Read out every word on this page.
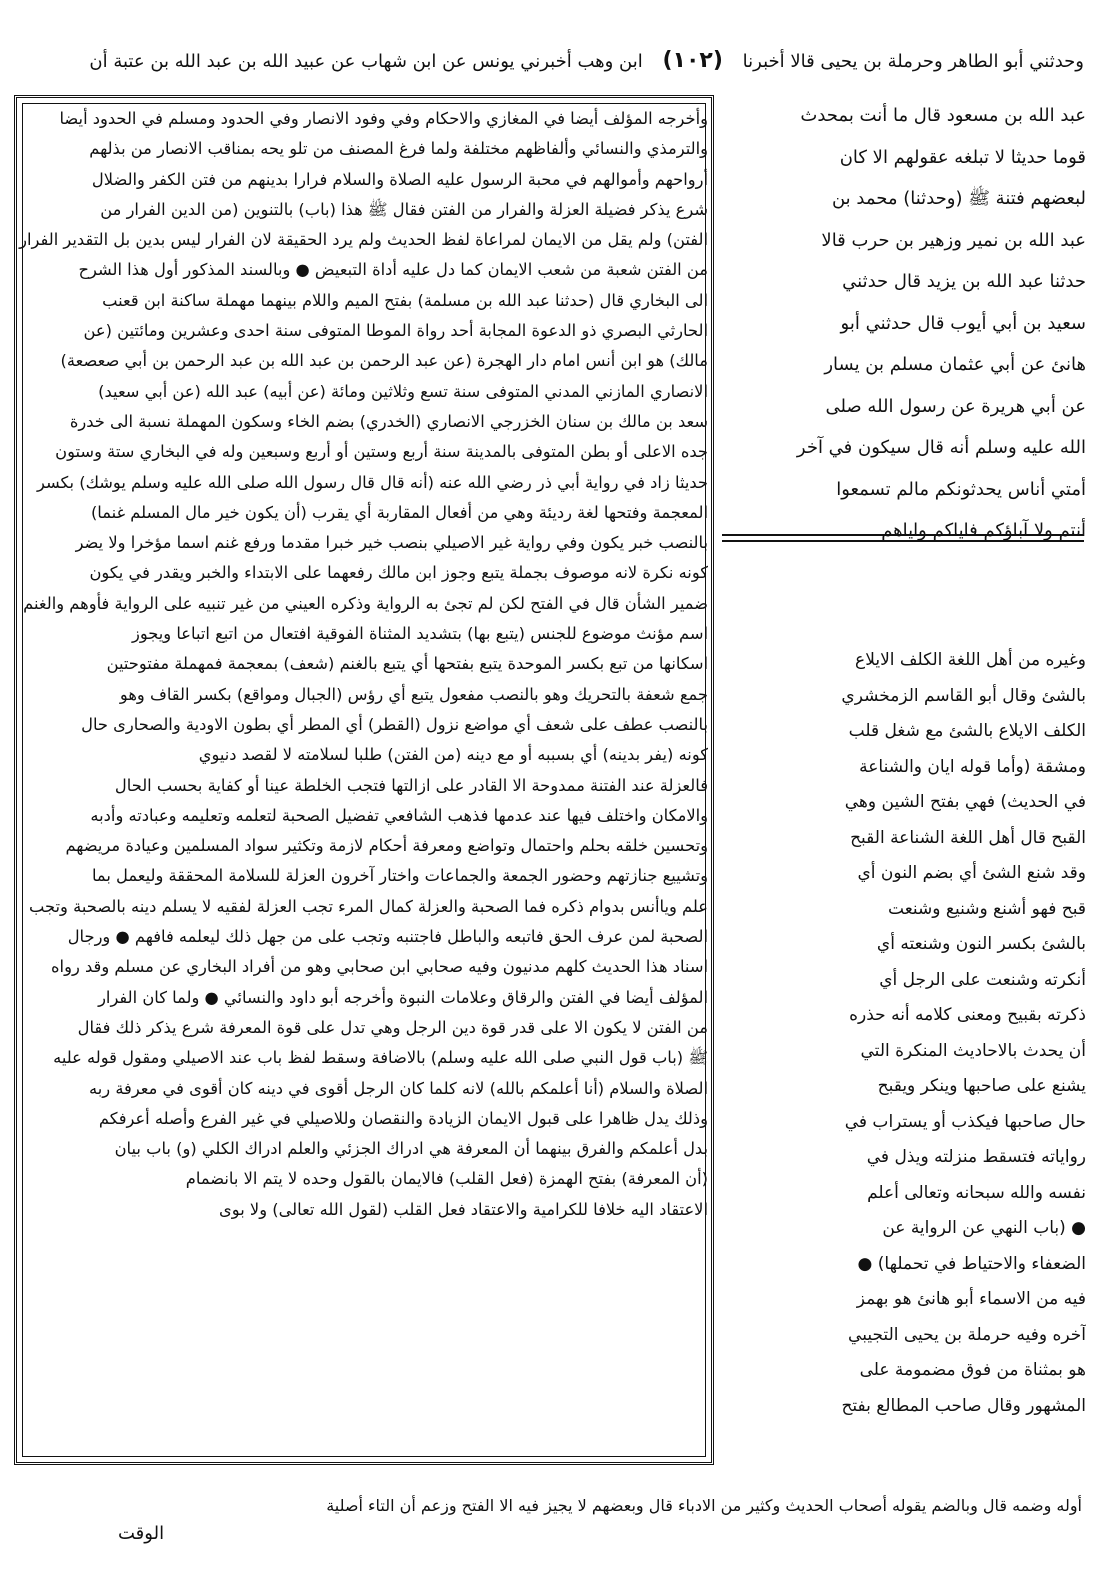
وحدثني أبو الطاهر وحرملة بن يحيى قالا أخبرنا (١٠٢) ابن وهب أخبرني يونس عن ابن شهاب عن عبيد الله بن عبد الله بن عتبة أن
وأخرجه المؤلف أيضا في المغازي والاحكام وفي وفود الانصار وفي الحدود ومسلم في الحدود أيضا
والترمذي والنسائي وألفاظهم مختلفة ولما فرغ المصنف من تلو يحه بمناقب الانصار من بذلهم
أرواحهم وأموالهم في محبة الرسول عليه الصلاة والسلام فرارا بدينهم من فتن الكفر والضلال
شرع يذكر فضيلة العزلة والفرار من الفتن فقال ﷺ هذا (باب) بالتنوين (من الدين الفرار من
الفتن) ولم يقل من الايمان لمراعاة لفظ الحديث ولم يرد الحقيقة لان الفرار ليس بدين بل التقدير الفرار
من الفتن شعبة من شعب الايمان كما دل عليه أداة التبعيض ● وبالسند المذكور أول هذا الشرح
الى البخاري قال (حدثنا عبد الله بن مسلمة) بفتح الميم واللام بينهما مهملة ساكنة ابن قعنب
الحارثي البصري ذو الدعوة المجابة أحد رواة الموطا المتوفى سنة احدى وعشرين ومائتين (عن
مالك) هو ابن أنس امام دار الهجرة (عن عبد الرحمن بن عبد الله بن عبد الرحمن بن أبي صعصعة)
الانصاري المازني المدني المتوفى سنة تسع وثلاثين ومائة (عن أبيه) عبد الله (عن أبي سعيد)
سعد بن مالك بن سنان الخزرجي الانصاري (الخدري) بضم الخاء وسكون المهملة نسبة الى خدرة
جده الاعلى أو بطن المتوفى بالمدينة سنة أربع وستين أو أربع وسبعين وله في البخاري ستة وستون
حديثا زاد في رواية أبي ذر رضي الله عنه (أنه قال قال رسول الله صلى الله عليه وسلم يوشك) بكسر
المعجمة وفتحها لغة رديئة وهي من أفعال المقاربة أي يقرب (أن يكون خير مال المسلم غنما)
بالنصب خبر يكون وفي رواية غير الاصيلي بنصب خير خبرا مقدما ورفع غنم اسما مؤخرا ولا يضر
كونه نكرة لانه موصوف بجملة يتبع وجوز ابن مالك رفعهما على الابتداء والخبر ويقدر في يكون
ضمير الشأن قال في الفتح لكن لم تجئ به الرواية وذكره العيني من غير تنبيه على الرواية فأوهم والغنم
اسم مؤنث موضوع للجنس (يتبع بها) بتشديد المثناة الفوقية افتعال من اتبع اتباعا ويجوز
اسكانها من تبع بكسر الموحدة يتبع بفتحها أي يتبع بالغنم (شعف) بمعجمة فمهملة مفتوحتين
جمع شعفة بالتحريك وهو بالنصب مفعول يتبع أي رؤس (الجبال ومواقع) بكسر القاف وهو
بالنصب عطف على شعف أي مواضع نزول (القطر) أي المطر أي بطون الاودية والصحارى حال
كونه (يفر بدينه) أي بسببه أو مع دينه (من الفتن) طلبا لسلامته لا لقصد دنيوي
فالعزلة عند الفتنة ممدوحة الا القادر على ازالتها فتجب الخلطة عينا أو كفاية بحسب الحال
والامكان واختلف فيها عند عدمها فذهب الشافعي تفضيل الصحبة لتعلمه وتعليمه وعبادته وأدبه
وتحسين خلقه بحلم واحتمال وتواضع ومعرفة أحكام لازمة وتكثير سواد المسلمين وعيادة مريضهم
وتشييع جنازتهم وحضور الجمعة والجماعات واختار آخرون العزلة للسلامة المحققة وليعمل بما
علم وياأنس بدوام ذكره فما الصحبة والعزلة كمال المرء تجب العزلة لفقيه لا يسلم دينه بالصحبة وتجب
الصحبة لمن عرف الحق فاتبعه والباطل فاجتنبه وتجب على من جهل ذلك ليعلمه فافهم ● ورجال
اسناد هذا الحديث كلهم مدنيون وفيه صحابي ابن صحابي وهو من أفراد البخاري عن مسلم وقد رواه
المؤلف أيضا في الفتن والرقاق وعلامات النبوة وأخرجه أبو داود والنسائي ● ولما كان الفرار
من الفتن لا يكون الا على قدر قوة دين الرجل وهي تدل على قوة المعرفة شرع يذكر ذلك فقال
ﷺ (باب قول النبي صلى الله عليه وسلم) بالاضافة وسقط لفظ باب عند الاصيلي ومقول قوله عليه
الصلاة والسلام (أنا أعلمكم بالله) لانه كلما كان الرجل أقوى في دينه كان أقوى في معرفة ربه
وذلك يدل ظاهرا على قبول الايمان الزيادة والنقصان وللاصيلي في غير الفرع وأصله أعرفكم
بدل أعلمكم والفرق بينهما أن المعرفة هي ادراك الجزئي والعلم ادراك الكلي (و) باب بيان
(أن المعرفة) بفتح الهمزة (فعل القلب) فالايمان بالقول وحده لا يتم الا بانضمام
الاعتقاد اليه خلافا للكرامية والاعتقاد فعل القلب (لقول الله تعالى) ولا بوى
عبد الله بن مسعود قال ما أنت بمحدث
قوما حديثا لا تبلغه عقولهم الا كان
لبعضهم فتنة ﷺ (وحدثنا) محمد بن
عبد الله بن نمير وزهير بن حرب قالا
حدثنا عبد الله بن يزيد قال حدثني
سعيد بن أبي أيوب قال حدثني أبو
هانئ عن أبي عثمان مسلم بن يسار
عن أبي هريرة عن رسول الله صلى
الله عليه وسلم أنه قال سيكون في آخر
أمتي أناس يحدثونكم مالم تسمعوا
أنتم ولا آباؤكم فاياكم واياهم
وغيره من أهل اللغة الكلف الايلاع
بالشئ وقال أبو القاسم الزمخشري
الكلف الايلاع بالشئ مع شغل قلب
ومشقة (وأما قوله ايان والشناعة
في الحديث) فهي بفتح الشين وهي
القبح قال أهل اللغة الشناعة القبح
وقد شنع الشئ أي بضم النون أي
قبح فهو أشنع وشنيع وشنعت
بالشئ بكسر النون وشنعته أي
أنكرته وشنعت على الرجل أي
ذكرته بقبيح ومعنى كلامه أنه حذره
أن يحدث بالاحاديث المنكرة التي
يشنع على صاحبها وينكر ويقبح
حال صاحبها فيكذب أو يستراب في
رواياته فتسقط منزلته ويذل في
نفسه والله سبحانه وتعالى أعلم
● (باب النهي عن الرواية عن
الضعفاء والاحتياط في تحملها) ●
فيه من الاسماء أبو هانئ هو بهمز
آخره وفيه حرملة بن يحيى التجيبي
هو بمثناة من فوق مضمومة على
المشهور وقال صاحب المطالع بفتح
أوله وضمه قال وبالضم يقوله أصحاب الحديث وكثير من الادباء قال وبعضهم لا يجيز فيه الا الفتح وزعم أن التاء أصلية
الوقت
